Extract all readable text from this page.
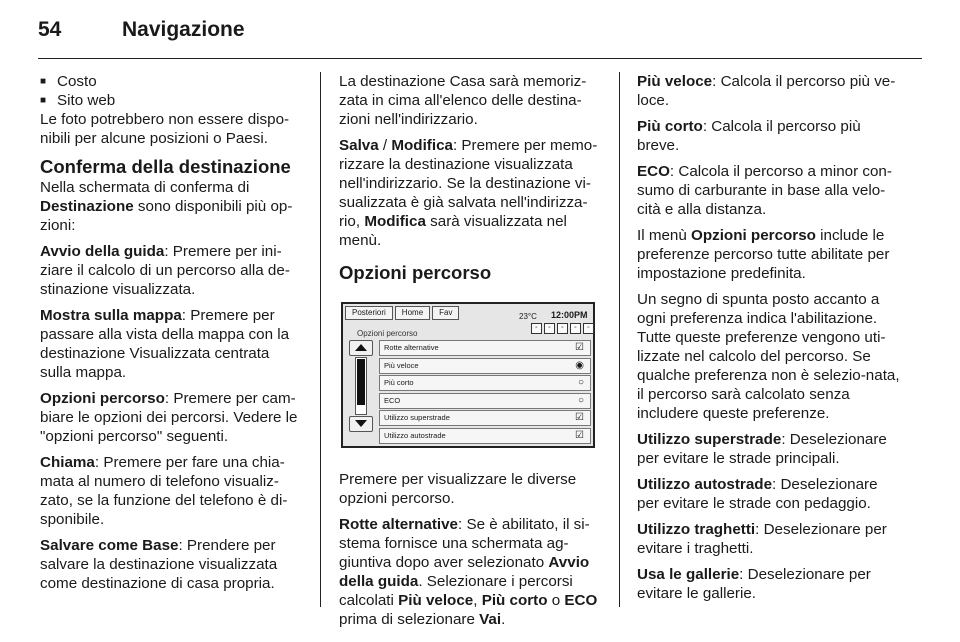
54	Navigazione

■ Costo

■ Sito web

Le foto potrebbero non essere dispo-nibili per alcune posizioni o Paesi.

Conferma della destinazione

Nella schermata di conferma di Destinazione sono disponibili più op-zioni:

Avvio della guida: Premere per ini-ziare il calcolo di un percorso alla de-stinazione visualizzata.

Mostra sulla mappa: Premere per passare alla vista della mappa con la destinazione Visualizzata centrata sulla mappa.

Opzioni percorso: Premere per cam-biare le opzioni dei percorsi. Vedere le "opzioni percorso" seguenti.

Chiama: Premere per fare una chia-mata al numero di telefono visualiz-zato, se la funzione del telefono è di-sponibile.

Salvare come Base: Prendere per salvare la destinazione visualizzata come destinazione di casa propria.

La destinazione Casa sarà memoriz-zata in cima all'elenco delle destina-zioni nell'indirizzario.

Salva / Modifica: Premere per memo-rizzare la destinazione visualizzata nell'indirizzario. Se la destinazione vi-sualizzata è già salvata nell'indirizza-rio, Modifica sarà visualizzata nel menù.

Opzioni percorso
Posteriori	Home	Fav	23°C 12:00PM
Opzioni percorso
▫	▫	▫	▫	▫
Rotte alternative	☑
Più veloce	◉
Più corto	○
ECO	○
Utilizzo superstrade	☑
Utilizzo autostrade	☑

Premere per visualizzare le diverse opzioni percorso.

Rotte alternative: Se è abilitato, il si-stema fornisce una schermata ag-giuntiva dopo aver selezionato Avvio della guida. Selezionare i percorsi calcolati Più veloce, Più corto o ECO prima di selezionare Vai.

Più veloce: Calcola il percorso più ve-loce.

Più corto: Calcola il percorso più breve.

ECO: Calcola il percorso a minor con-sumo di carburante in base alla velo-cità e alla distanza.

Il menù Opzioni percorso include le preferenze percorso tutte abilitate per impostazione predefinita.

Un segno di spunta posto accanto a ogni preferenza indica l'abilitazione. Tutte queste preferenze vengono uti-lizzate nel calcolo del percorso. Se qualche preferenza non è selezio-nata, il percorso sarà calcolato senza includere queste preferenze.

Utilizzo superstrade: Deselezionare per evitare le strade principali.

Utilizzo autostrade: Deselezionare per evitare le strade con pedaggio.

Utilizzo traghetti: Deselezionare per evitare i traghetti.

Usa le gallerie: Deselezionare per evitare le gallerie.
